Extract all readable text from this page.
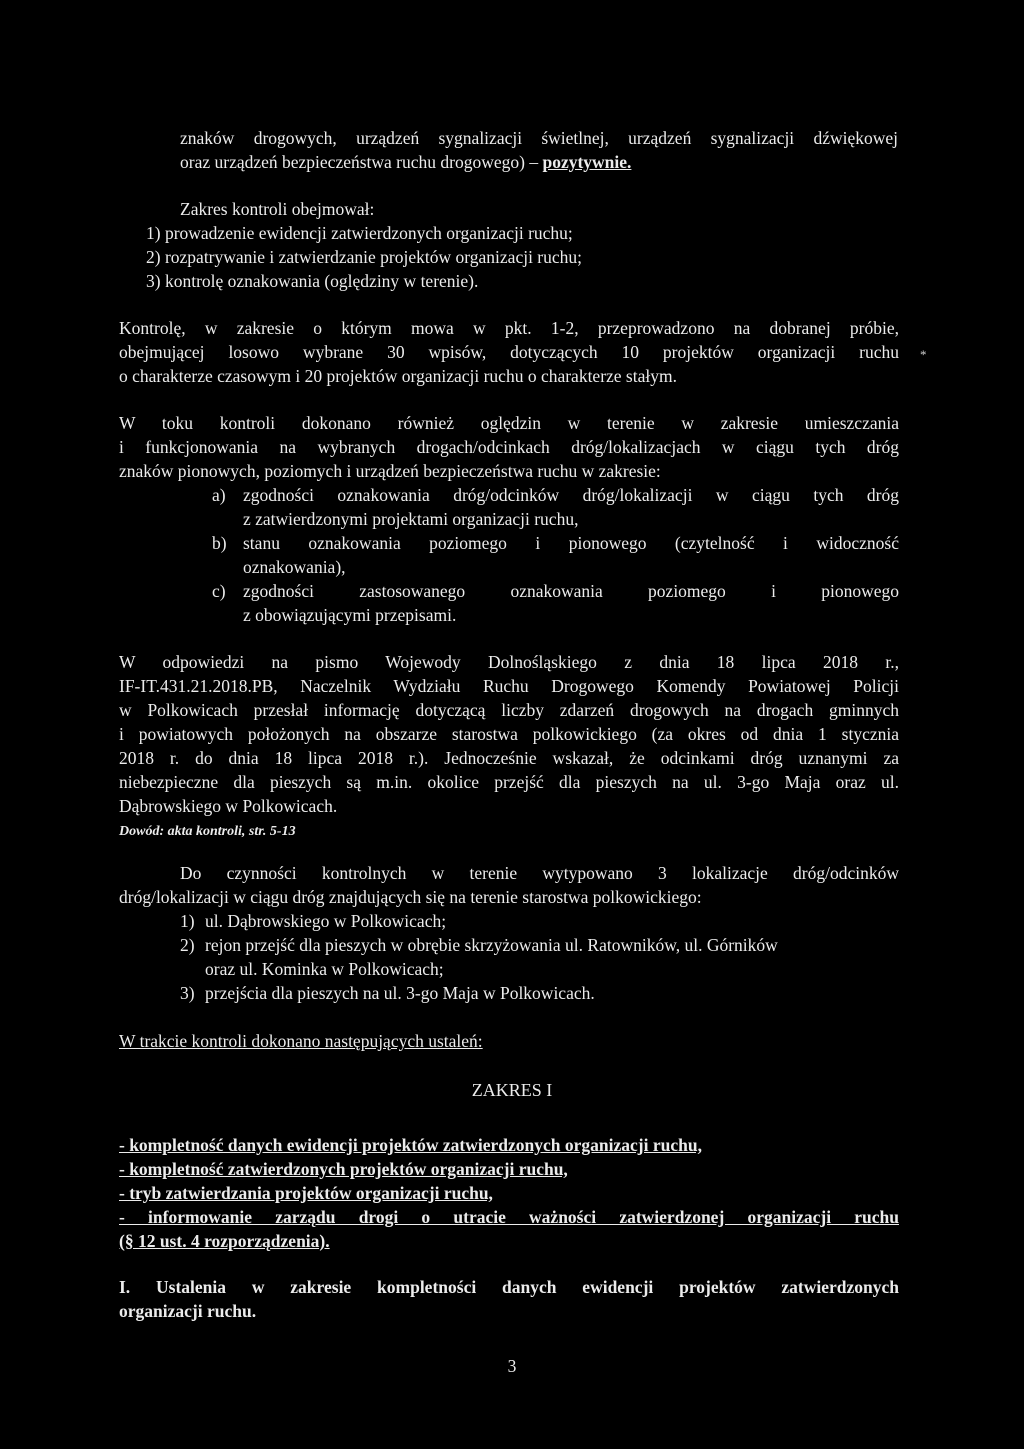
znaków drogowych, urządzeń sygnalizacji świetlnej, urządzeń sygnalizacji dźwiękowej
oraz urządzeń bezpieczeństwa ruchu drogowego) – pozytywnie.
Zakres kontroli obejmował:
1) prowadzenie ewidencji zatwierdzonych organizacji ruchu;
2) rozpatrywanie i zatwierdzanie projektów organizacji ruchu;
3) kontrolę oznakowania (oględziny w terenie).
Kontrolę, w zakresie o którym mowa w pkt. 1-2, przeprowadzono na dobranej próbie,
obejmującej losowo wybrane 30 wpisów, dotyczących 10 projektów organizacji ruchu
o charakterze czasowym i 20 projektów organizacji ruchu o charakterze stałym.
*
W toku kontroli dokonano również oględzin w terenie w zakresie umieszczania
i funkcjonowania na wybranych drogach/odcinkach dróg/lokalizacjach w ciągu tych dróg
znaków pionowych, poziomych i urządzeń bezpieczeństwa ruchu w zakresie:
a) zgodności oznakowania dróg/odcinków dróg/lokalizacji w ciągu tych dróg
z zatwierdzonymi projektami organizacji ruchu,
b) stanu oznakowania poziomego i pionowego (czytelność i widoczność
oznakowania),
c) zgodności zastosowanego oznakowania poziomego i pionowego
z obowiązującymi przepisami.
W odpowiedzi na pismo Wojewody Dolnośląskiego z dnia 18 lipca 2018 r.,
IF-IT.431.21.2018.PB, Naczelnik Wydziału Ruchu Drogowego Komendy Powiatowej Policji
w Polkowicach przesłał informację dotyczącą liczby zdarzeń drogowych na drogach gminnych
i powiatowych położonych na obszarze starostwa polkowickiego (za okres od dnia 1 stycznia
2018 r. do dnia 18 lipca 2018 r.). Jednocześnie wskazał, że odcinkami dróg uznanymi za
niebezpieczne dla pieszych są m.in. okolice przejść dla pieszych na ul. 3-go Maja oraz ul.
Dąbrowskiego w Polkowicach.
Dowód: akta kontroli, str. 5-13
Do czynności kontrolnych w terenie wytypowano 3 lokalizacje dróg/odcinków
dróg/lokalizacji w ciągu dróg znajdujących się na terenie starostwa polkowickiego:
1) ul. Dąbrowskiego w Polkowicach;
2) rejon przejść dla pieszych w obrębie skrzyżowania ul. Ratowników, ul. Górników
oraz ul. Kominka w Polkowicach;
3) przejścia dla pieszych na ul. 3-go Maja w Polkowicach.
W trakcie kontroli dokonano następujących ustaleń:
ZAKRES I
- kompletność danych ewidencji projektów zatwierdzonych organizacji ruchu,
- kompletność zatwierdzonych projektów organizacji ruchu,
- tryb zatwierdzania projektów organizacji ruchu,
- informowanie zarządu drogi o utracie ważności zatwierdzonej organizacji ruchu
(§ 12 ust. 4 rozporządzenia).
I. Ustalenia w zakresie kompletności danych ewidencji projektów zatwierdzonych
organizacji ruchu.
3
